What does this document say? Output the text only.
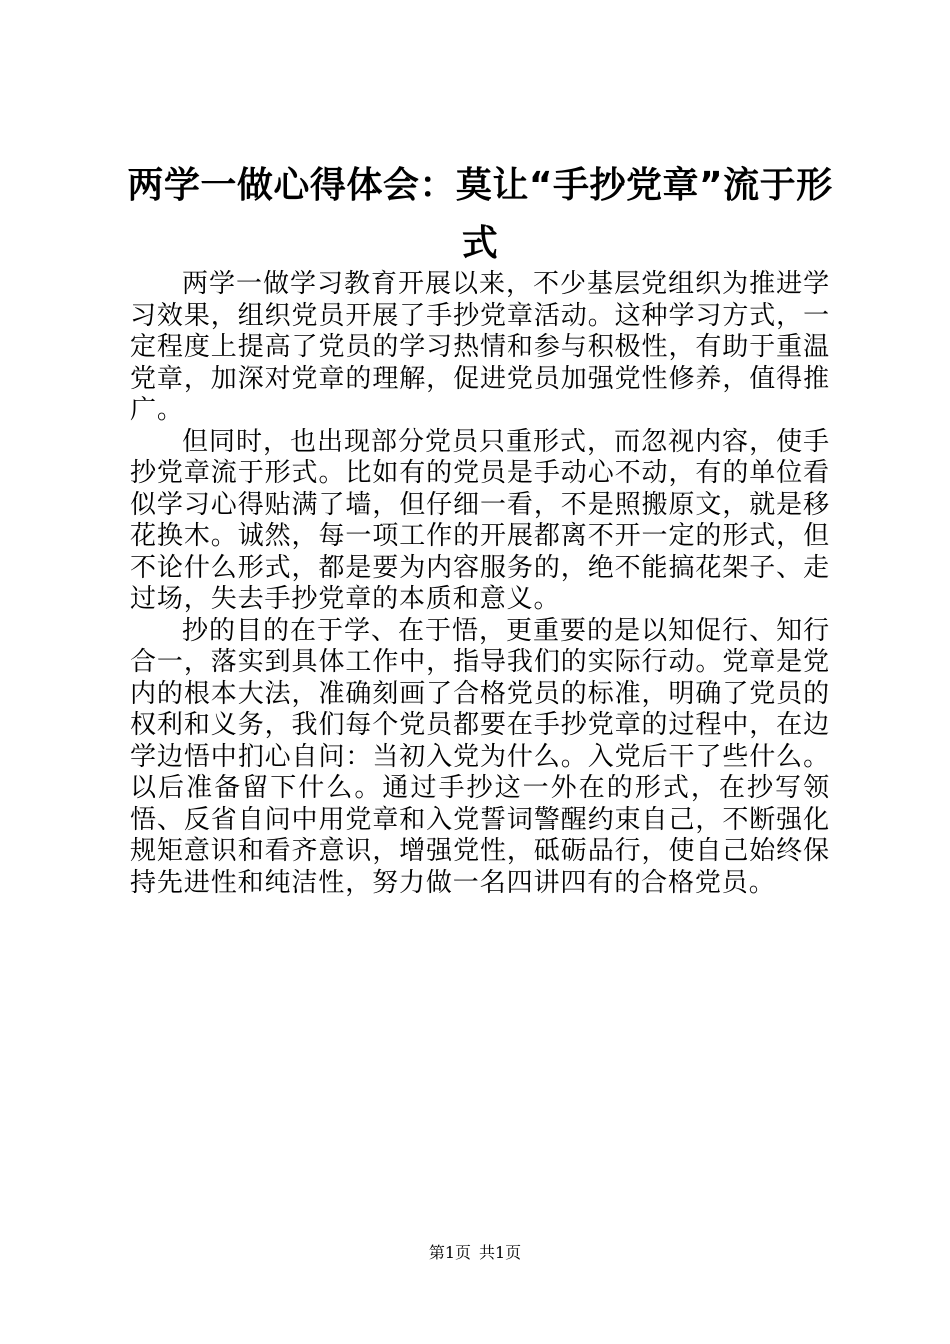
两学一做心得体会：莫让“手抄党章”流于形式

两学一做学习教育开展以来，不少基层党组织为推进学习效果，组织党员开展了手抄党章活动。这种学习方式，一定程度上提高了党员的学习热情和参与积极性，有助于重温党章，加深对党章的理解，促进党员加强党性修养，值得推广。

但同时，也出现部分党员只重形式，而忽视内容，使手抄党章流于形式。比如有的党员是手动心不动，有的单位看似学习心得贴满了墙，但仔细一看，不是照搬原文，就是移花换木。诚然，每一项工作的开展都离不开一定的形式，但不论什么形式，都是要为内容服务的，绝不能搞花架子、走过场，失去手抄党章的本质和意义。

抄的目的在于学、在于悟，更重要的是以知促行、知行合一，落实到具体工作中，指导我们的实际行动。党章是党内的根本大法，准确刻画了合格党员的标准，明确了党员的权利和义务，我们每个党员都要在手抄党章的过程中，在边学边悟中扪心自问：当初入党为什么。入党后干了些什么。以后准备留下什么。通过手抄这一外在的形式，在抄写领悟、反省自问中用党章和入党誓词警醒约束自己，不断强化规矩意识和看齐意识，增强党性，砥砺品行，使自己始终保持先进性和纯洁性，努力做一名四讲四有的合格党员。

第1页 共1页
